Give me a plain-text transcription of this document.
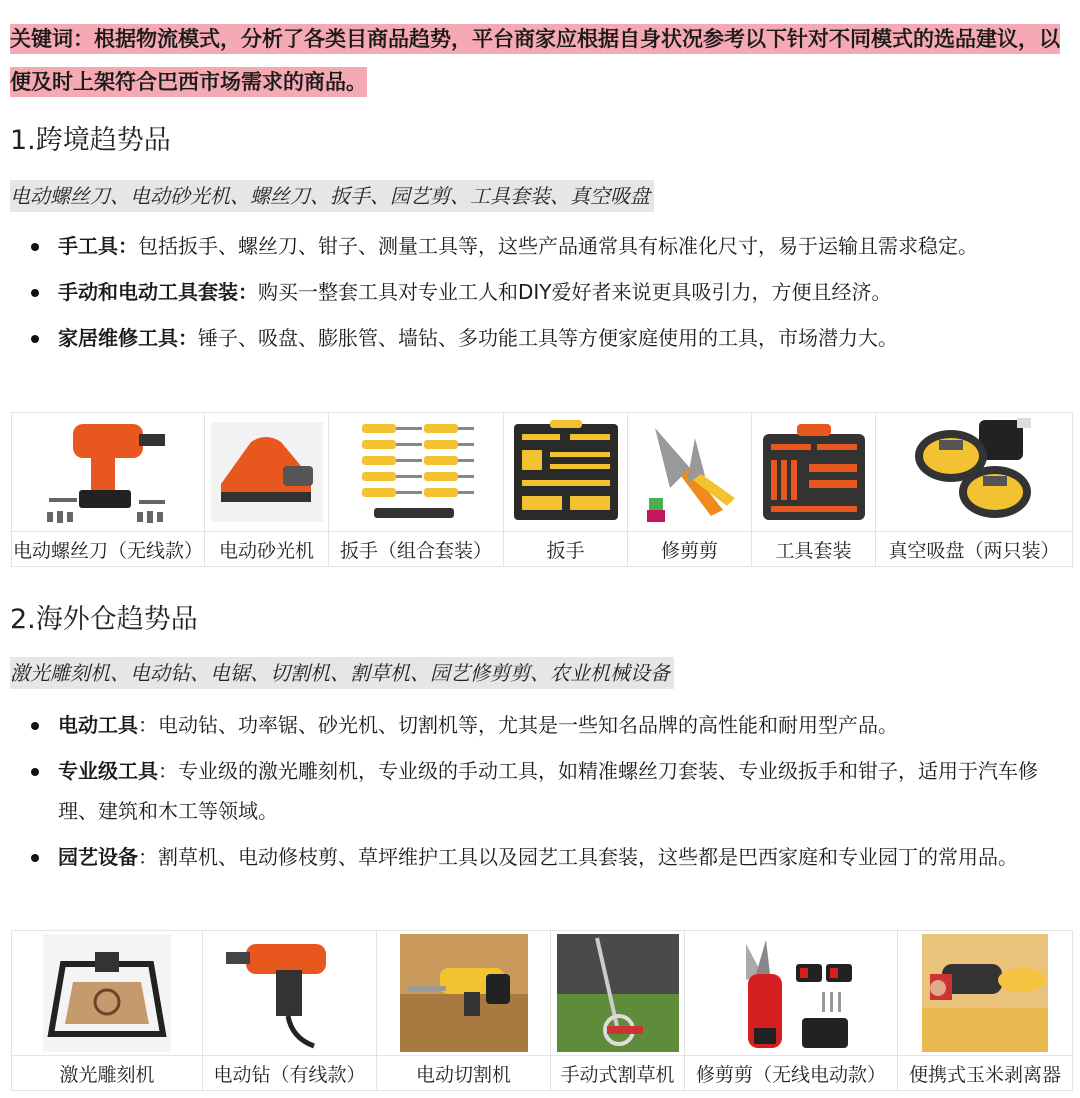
关键词：根据物流模式，分析了各类目商品趋势，平台商家应根据自身状况参考以下针对不同模式的选品建议，以便及时上架符合巴西市场需求的商品。
1.跨境趋势品
电动螺丝刀、电动砂光机、螺丝刀、扳手、园艺剪、工具套装、真空吸盘
手工具：包括扳手、螺丝刀、钳子、测量工具等，这些产品通常具有标准化尺寸，易于运输且需求稳定。
手动和电动工具套装：购买一整套工具对专业工人和DIY爱好者来说更具吸引力，方便且经济。
家居维修工具：锤子、吸盘、膨胀管、墙钻、多功能工具等方便家庭使用的工具，市场潜力大。

电动螺丝刀（无线款）	电动砂光机	扳手（组合套装）	扳手	修剪剪	工具套装	真空吸盘（两只装）
2.海外仓趋势品
激光雕刻机、电动钻、电锯、切割机、割草机、园艺修剪剪、农业机械设备
电动工具：电动钻、功率锯、砂光机、切割机等，尤其是一些知名品牌的高性能和耐用型产品。
专业级工具：专业级的激光雕刻机，专业级的手动工具，如精准螺丝刀套装、专业级扳手和钳子，适用于汽车修理、建筑和木工等领域。
园艺设备：割草机、电动修枝剪、草坪维护工具以及园艺工具套装，这些都是巴西家庭和专业园丁的常用品。

激光雕刻机	电动钻（有线款）	电动切割机	手动式割草机	修剪剪（无线电动款）	便携式玉米剥离器
